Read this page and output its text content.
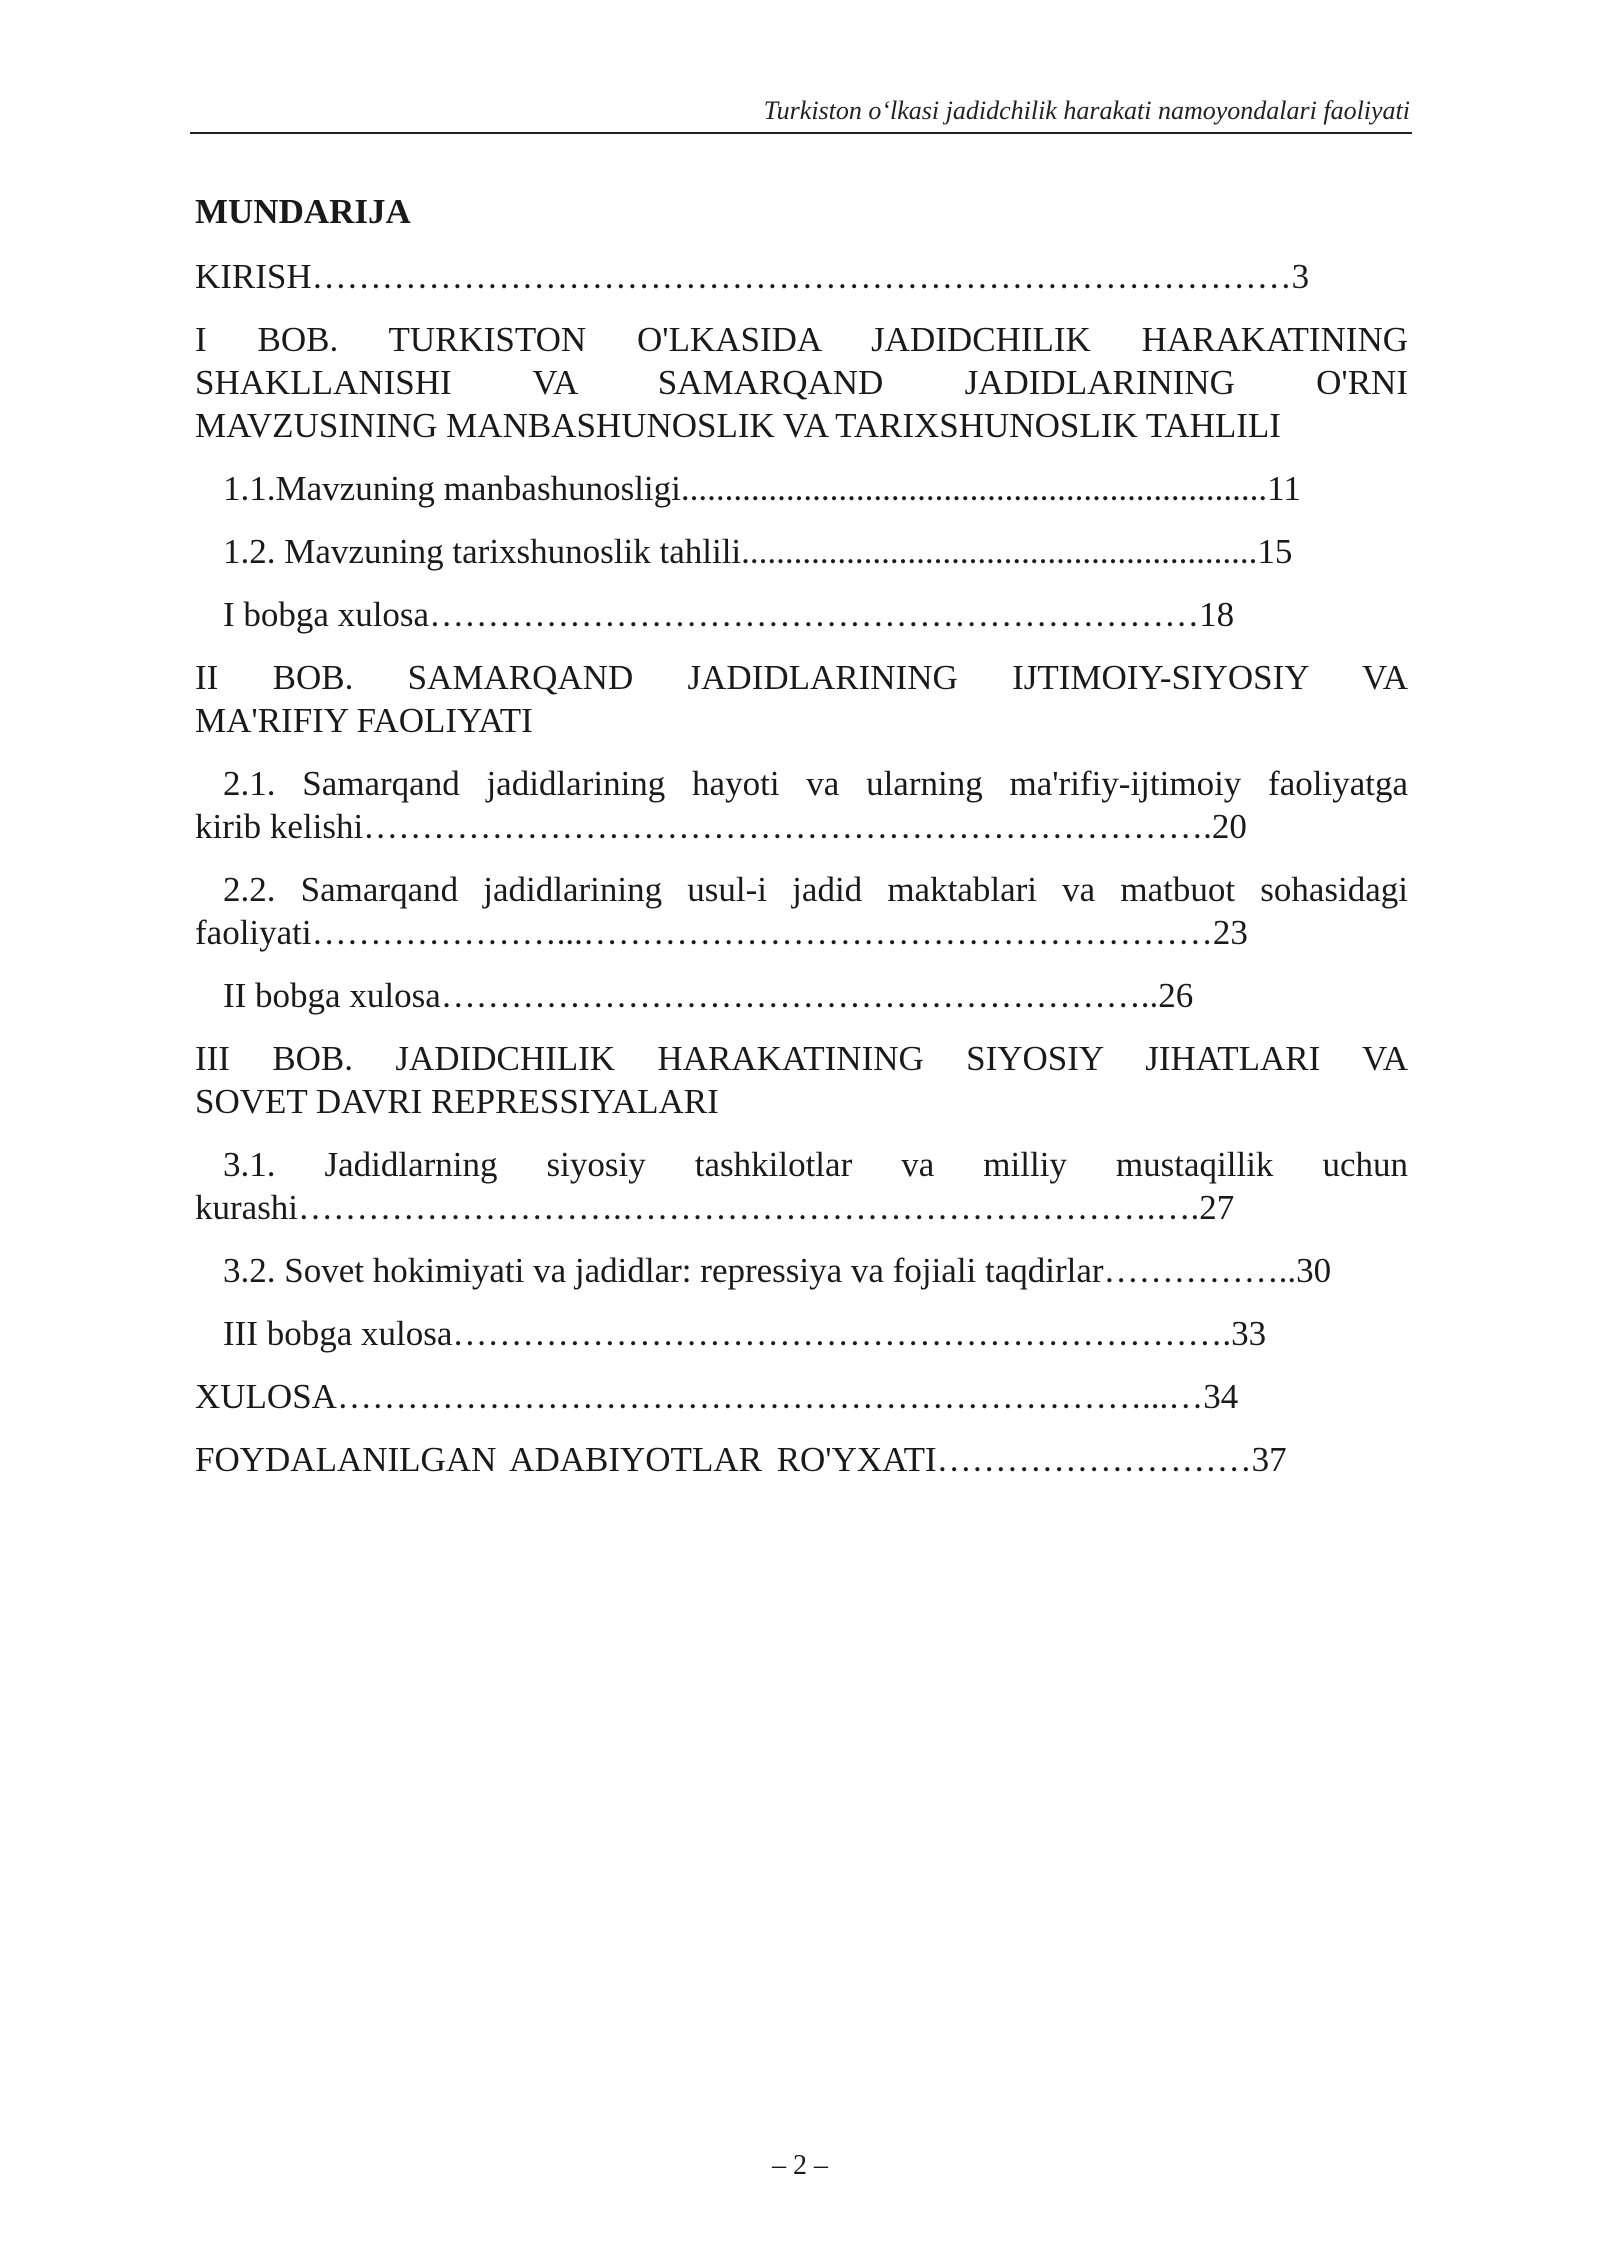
Turkiston o‘lkasi jadidchilik harakati namoyondalari faoliyati
MUNDARIJA
KIRISH…………………………………………………………………………3
I BOB. TURKISTON O'LKASIDA JADIDCHILIK HARAKATINING SHAKLLANISHI VA SAMARQAND JADIDLARINING O'RNI
MAVZUSINING MANBASHUNOSLIK VA TARIXSHUNOSLIK TAHLILI
1.1.Mavzuning manbashunosligi...................................................................11
1.2. Mavzuning tarixshunoslik tahlili...........................................................15
I bobga xulosa…………………………………………………………18
II BOB. SAMARQAND JADIDLARINING IJTIMOIY-SIYOSIY VA
MA'RIFIY FAOLIYATI
2.1. Samarqand jadidlarining hayoti va ularning ma'rifiy-ijtimoiy faoliyatga
kirib kelishi……………………………………………………………….20
2.2. Samarqand jadidlarining usul-i jadid maktablari va matbuot sohasidagi
faoliyati…………………...………………………………………………23
II bobga xulosa……………………………………………………..26
III BOB. JADIDCHILIK HARAKATINING SIYOSIY JIHATLARI VA
SOVET DAVRI REPRESSIYALARI
3.1. Jadidlarning siyosiy tashkilotlar va milliy mustaqillik uchun
kurashi……………………….……………………………………….….27
3.2. Sovet hokimiyati va jadidlar: repressiya va fojiali taqdirlar……………..30
III bobga xulosa………………………………………………………….33
XULOSA……………………………………………………………...…34
FOYDALANILGAN ADABIYOTLAR RO'YXATI………………………37
– 2 –
